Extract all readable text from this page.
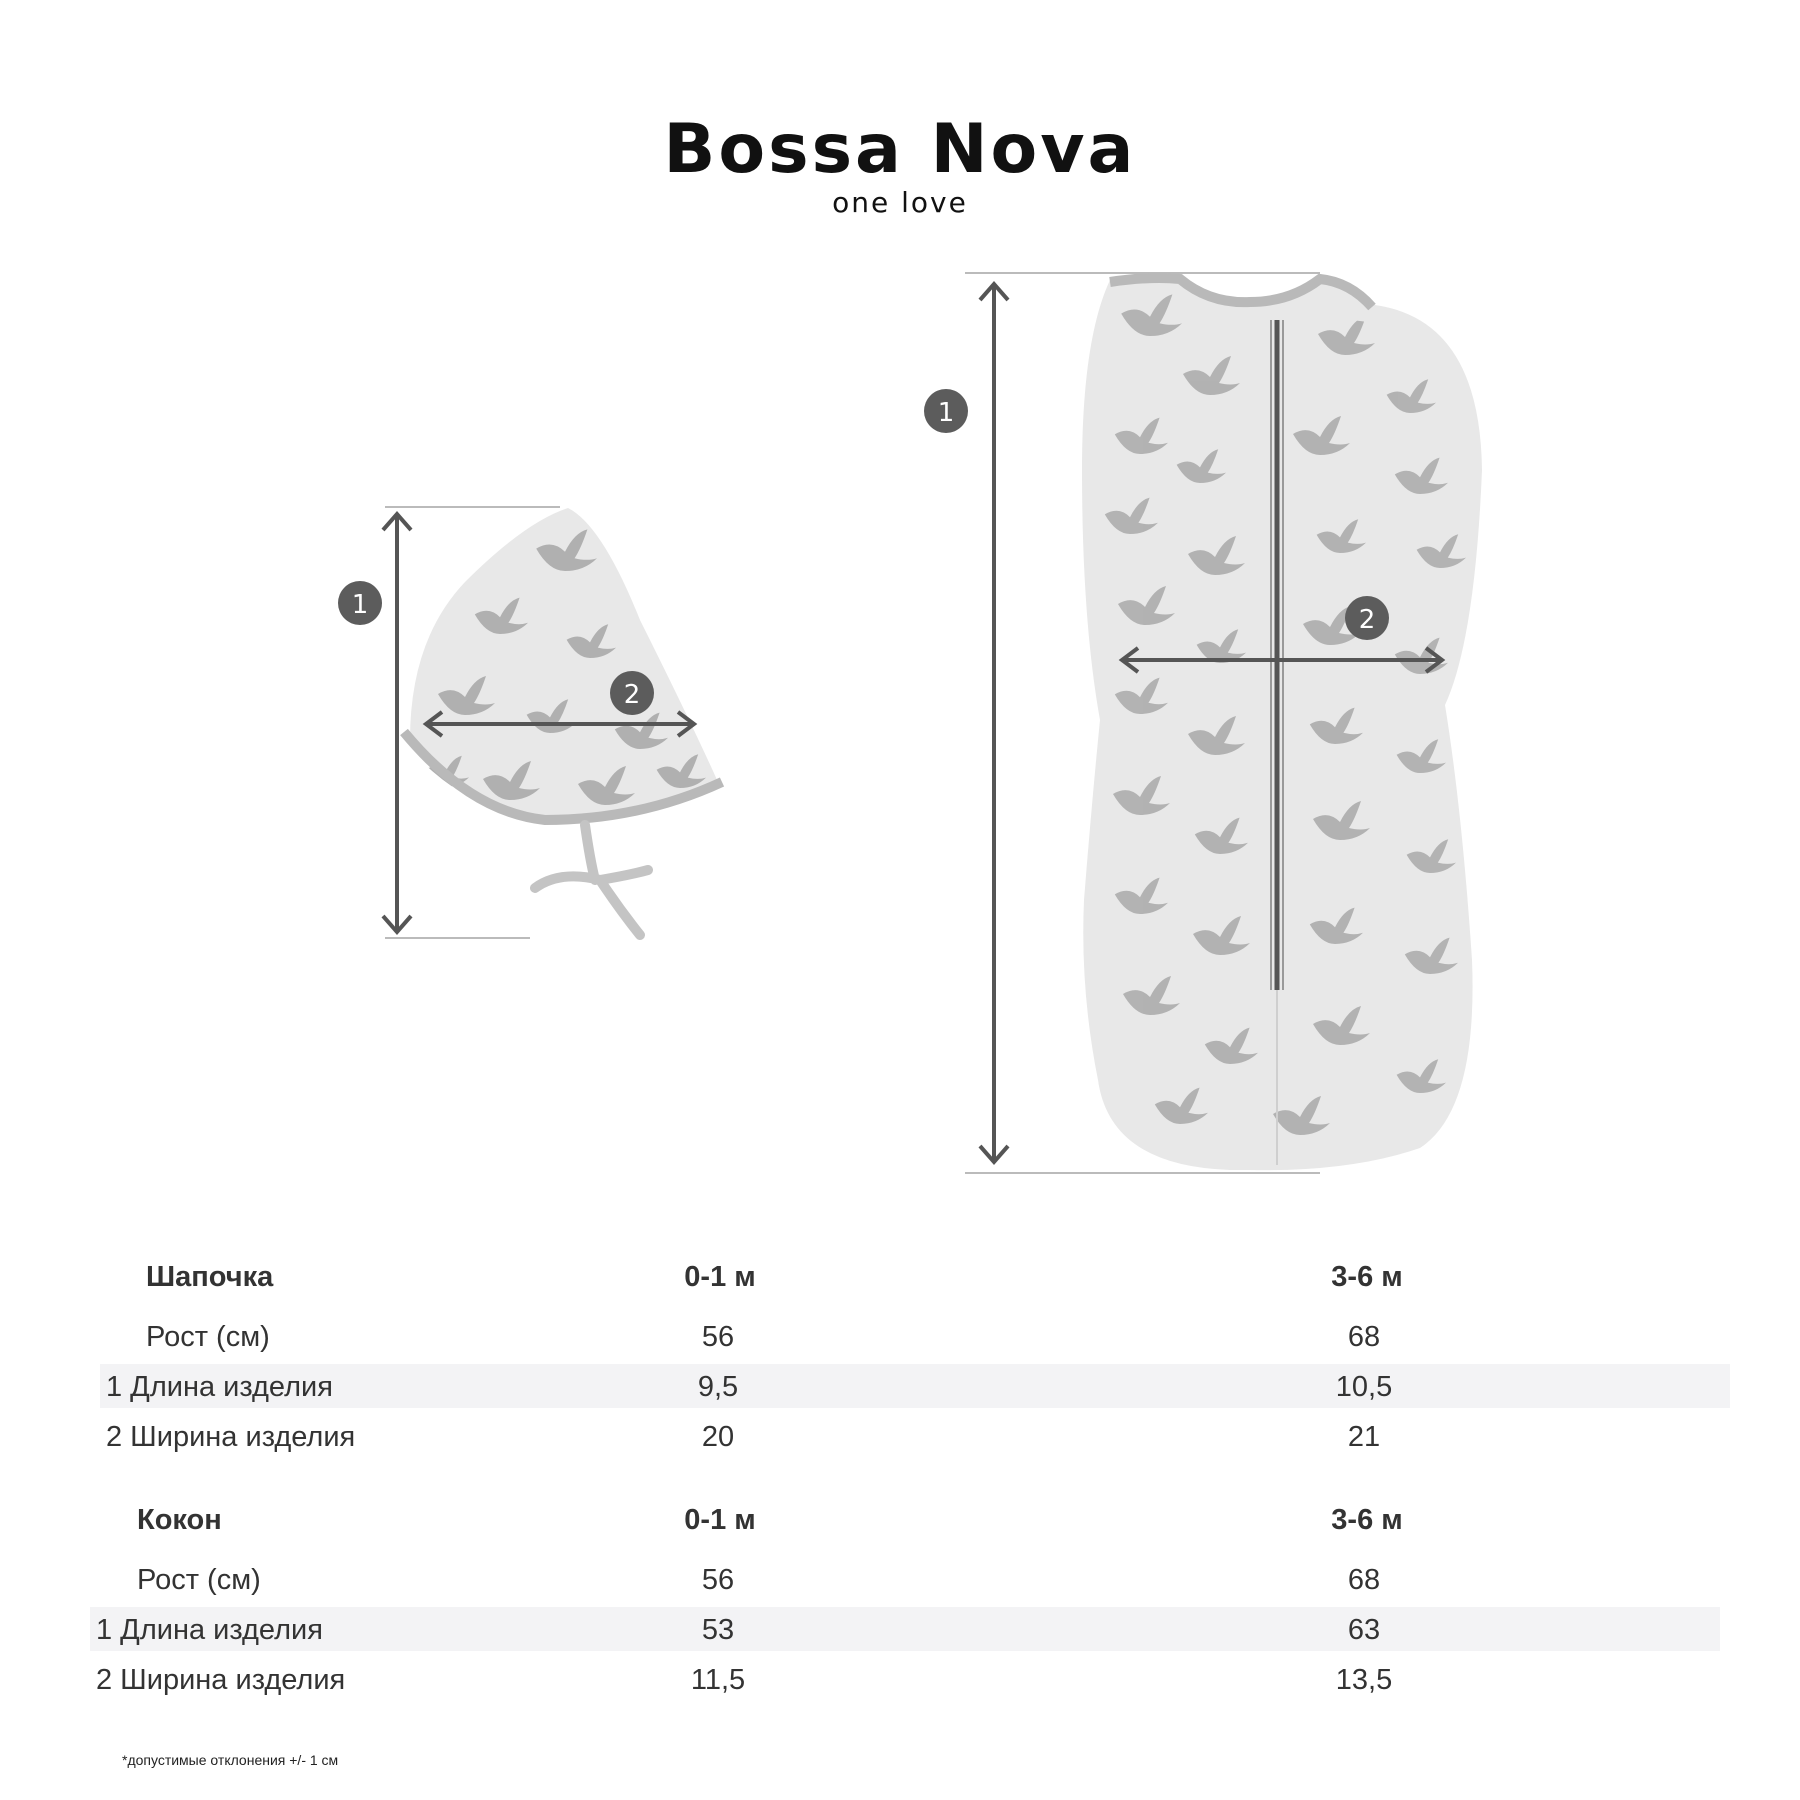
Bossa Nova
one love
1
2
1
2
Шапочка	0-1 м	3-6 м
Рост (см)	56	68
1 Длина изделия	9,5	10,5
2 Ширина изделия	20	21
Кокон	0-1 м	3-6 м
Рост (см)	56	68
1 Длина изделия	53	63
2 Ширина изделия	11,5	13,5
*допустимые отклонения +/- 1 см
